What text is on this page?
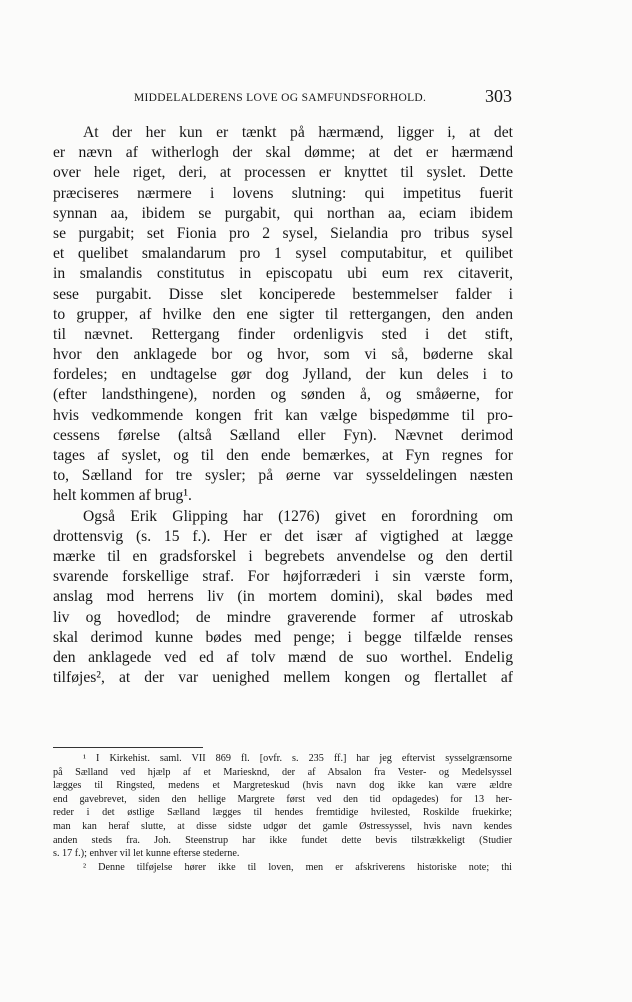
MIDDELALDERENS LOVE OG SAMFUNDSFORHOLD.	303
At der her kun er tænkt på hærmænd, ligger i, at det
er nævn af witherlogh der skal dømme; at det er hærmænd
over hele riget, deri, at processen er knyttet til syslet. Dette
præciseres nærmere i lovens slutning: qui impetitus fuerit
synnan aa, ibidem se purgabit, qui northan aa, eciam ibidem
se purgabit; set Fionia pro 2 sysel, Sielandia pro tribus sysel
et quelibet smalandarum pro 1 sysel computabitur, et quilibet
in smalandis constitutus in episcopatu ubi eum rex citaverit,
sese purgabit. Disse slet konciperede bestemmelser falder i
to grupper, af hvilke den ene sigter til rettergangen, den anden
til nævnet. Rettergang finder ordenligvis sted i det stift,
hvor den anklagede bor og hvor, som vi så, bøderne skal
fordeles; en undtagelse gør dog Jylland, der kun deles i to
(efter landsthingene), norden og sønden å, og småøerne, for
hvis vedkommende kongen frit kan vælge bispedømme til pro-
cessens førelse (altså Sælland eller Fyn). Nævnet derimod
tages af syslet, og til den ende bemærkes, at Fyn regnes for
to, Sælland for tre sysler; på øerne var sysseldelingen næsten
helt kommen af brug¹.
Også Erik Glipping har (1276) givet en forordning om
drottensvig (s. 15 f.). Her er det især af vigtighed at lægge
mærke til en gradsforskel i begrebets anvendelse og den dertil
svarende forskellige straf. For højforræderi i sin værste form,
anslag mod herrens liv (in mortem domini), skal bødes med
liv og hovedlod; de mindre graverende former af utroskab
skal derimod kunne bødes med penge; i begge tilfælde renses
den anklagede ved ed af tolv mænd de suo worthel. Endelig
tilføjes², at der var uenighed mellem kongen og flertallet af
¹ I Kirkehist. saml. VII 869 fl. [ovfr. s. 235 ff.] har jeg eftervist sysselgrænsorne
på Sælland ved hjælp af et Mariesknd, der af Absalon fra Vester- og Medelsyssel
lægges til Ringsted, medens et Margreteskud (hvis navn dog ikke kan være ældre
end gavebrevet, siden den hellige Margrete først ved den tid opdagedes) for 13 her-
reder i det østlige Sælland lægges til hendes fremtidige hvilested, Roskilde fruekirke;
man kan heraf slutte, at disse sidste udgør det gamle Østressyssel, hvis navn kendes
anden steds fra. Joh. Steenstrup har ikke fundet dette bevis tilstrækkeligt (Studier
s. 17 f.); enhver vil let kunne efterse stederne.
² Denne tilføjelse hører ikke til loven, men er afskriverens historiske note; thi
